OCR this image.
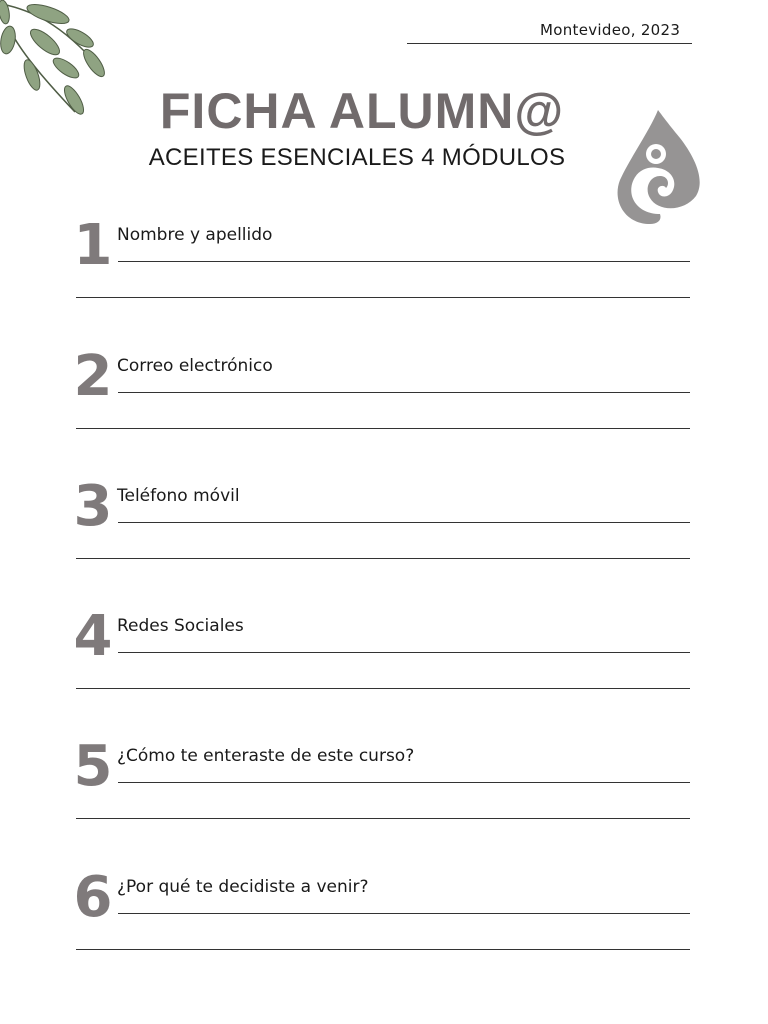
Montevideo, 2023
FICHA ALUMN@
ACEITES ESENCIALES 4 MÓDULOS
1 Nombre y apellido
2 Correo electrónico
3 Teléfono móvil
4 Redes Sociales
5 ¿Cómo te enteraste de este curso?
6 ¿Por qué te decidiste a venir?
